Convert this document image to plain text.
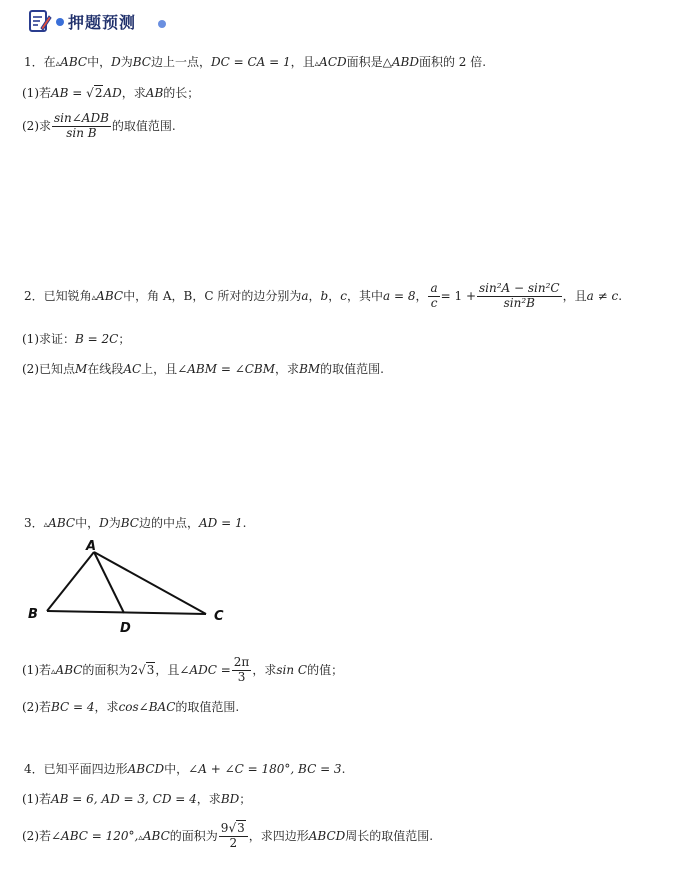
押题预测
1．在▵ABC中，D为BC边上一点，DC = CA = 1，且▵ACD面积是△ABD面积的 2 倍.
(1)若AB = √2AD，求AB的长；
(2)求 $\frac{\text{sin∠ADB}}{\text{sin B}}$ 的取值范围.
2．已知锐角▵ABC中，角 A，B，C 所对的边分别为a，b，c，其中a = 8， $\frac{a}{c} = 1 + \frac{\text{sin²A − sin²C}}{\text{sin²B}}$ ，且a ≠ c.
(1)求证：B = 2C；
(2)已知点M在线段AC上，且∠ABM = ∠CBM，求BM的取值范围.
3．▵ABC中，D为BC边的中点，AD = 1.
A
B	C
D
(1)若▵ABC的面积为2√3，且∠ADC = $\frac{2\pi}{3}$ ，求sin C的值；
(2)若BC = 4，求cos∠BAC的取值范围.
4．已知平面四边形ABCD中，∠A + ∠C = 180°, BC = 3.
(1)若AB = 6, AD = 3, CD = 4，求BD；
(2)若∠ABC = 120°,▵ABC的面积为 $\frac{9√3}{2}$ ，求四边形ABCD周长的取值范围.
